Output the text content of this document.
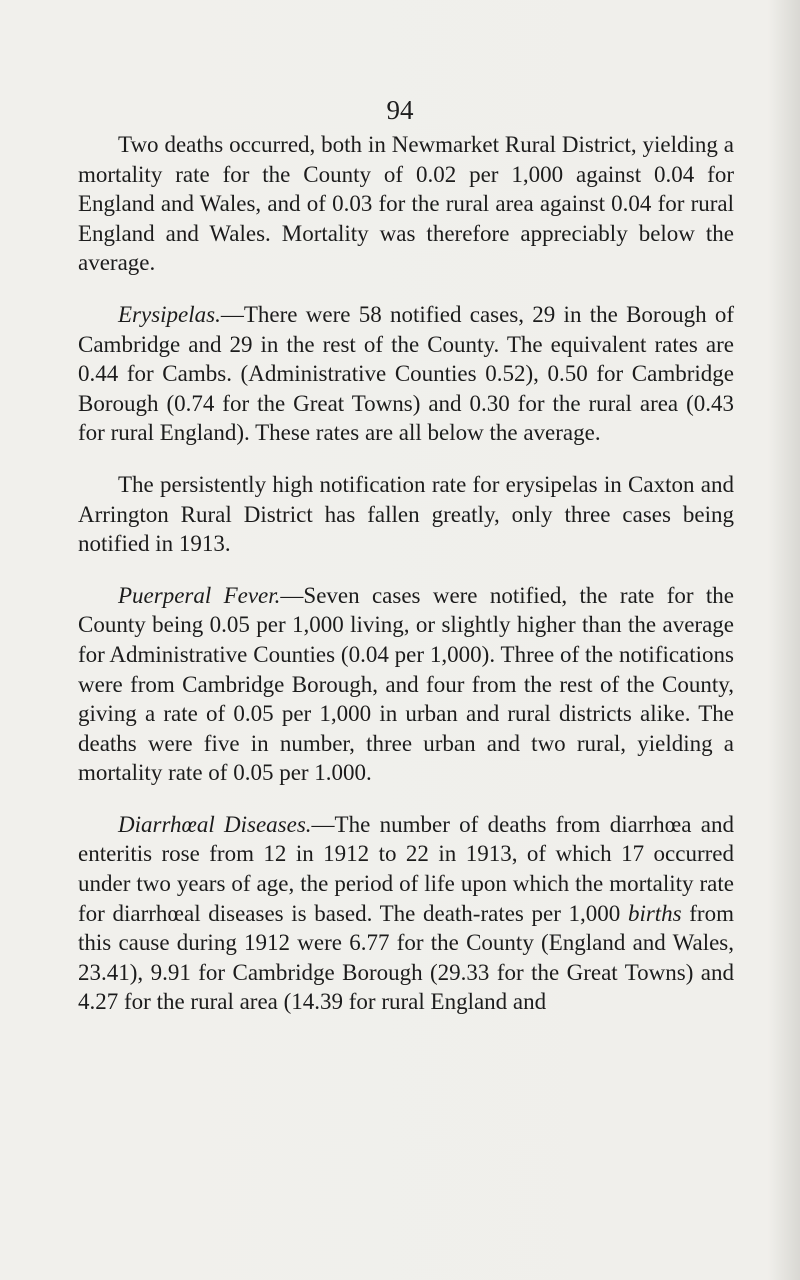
94

Two deaths occurred, both in Newmarket Rural District, yielding a mortality rate for the County of 0.02 per 1,000 against 0.04 for England and Wales, and of 0.03 for the rural area against 0.04 for rural England and Wales. Mortality was therefore appreciably below the average.

Erysipelas.—There were 58 notified cases, 29 in the Borough of Cambridge and 29 in the rest of the County. The equivalent rates are 0.44 for Cambs. (Administrative Counties 0.52), 0.50 for Cambridge Borough (0.74 for the Great Towns) and 0.30 for the rural area (0.43 for rural England). These rates are all below the average.

The persistently high notification rate for erysipelas in Caxton and Arrington Rural District has fallen greatly, only three cases being notified in 1913.

Puerperal Fever.—Seven cases were notified, the rate for the County being 0.05 per 1,000 living, or slightly higher than the average for Administrative Counties (0.04 per 1,000). Three of the notifications were from Cambridge Borough, and four from the rest of the County, giving a rate of 0.05 per 1,000 in urban and rural districts alike. The deaths were five in number, three urban and two rural, yielding a mortality rate of 0.05 per 1.000.

Diarrhœal Diseases.—The number of deaths from diarrhœa and enteritis rose from 12 in 1912 to 22 in 1913, of which 17 occurred under two years of age, the period of life upon which the mortality rate for diarrhœal diseases is based. The death-rates per 1,000 births from this cause during 1912 were 6.77 for the County (England and Wales, 23.41), 9.91 for Cambridge Borough (29.33 for the Great Towns) and 4.27 for the rural area (14.39 for rural England and
